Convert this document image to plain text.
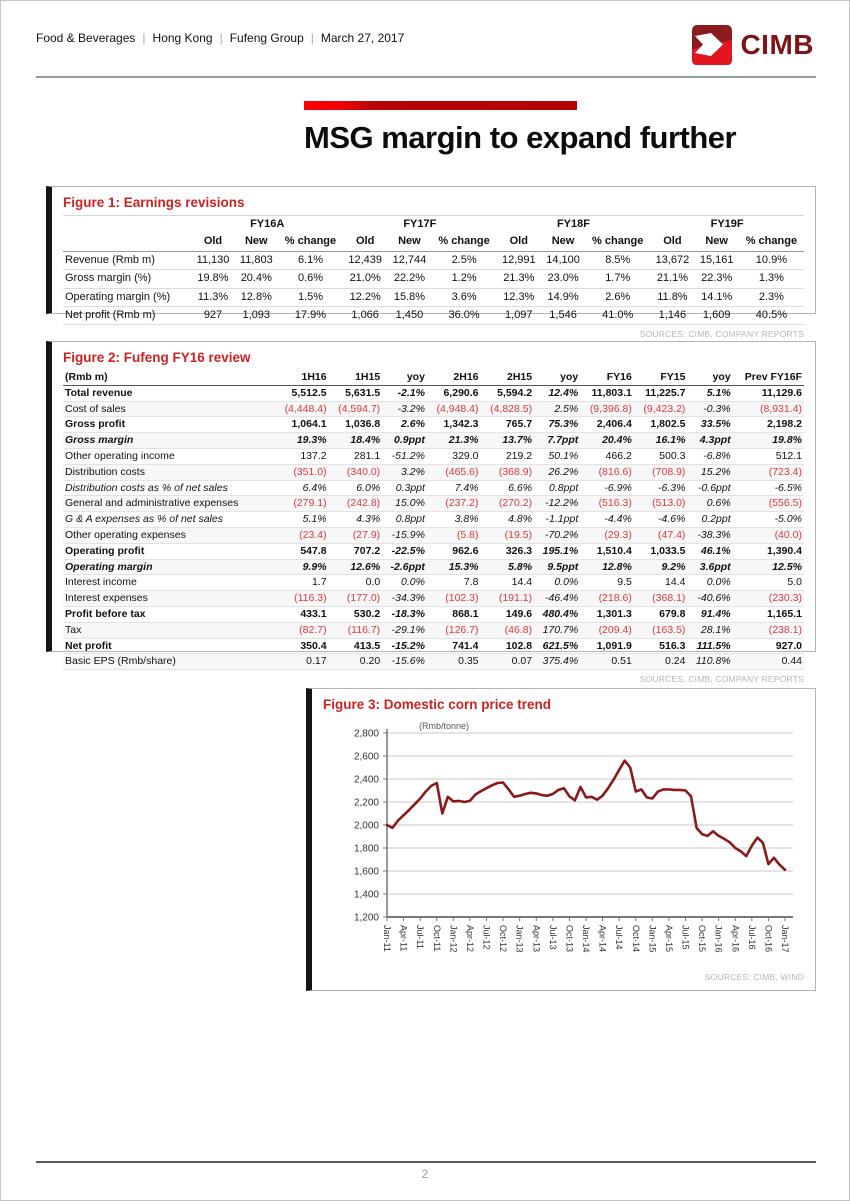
Food & Beverages | Hong Kong | Fufeng Group | March 27, 2017	CIMB
MSG margin to expand further
Figure 1: Earnings revisions
	FY16A			FY17F			FY18F			FY19F		
	Old	New	% change	Old	New	% change	Old	New	% change	Old	New	% change
Revenue (Rmb m)	11,130	11,803	6.1%	12,439	12,744	2.5%	12,991	14,100	8.5%	13,672	15,161	10.9%
Gross margin (%)	19.8%	20.4%	0.6%	21.0%	22.2%	1.2%	21.3%	23.0%	1.7%	21.1%	22.3%	1.3%
Operating margin (%)	11.3%	12.8%	1.5%	12.2%	15.8%	3.6%	12.3%	14.9%	2.6%	11.8%	14.1%	2.3%
Net profit (Rmb m)	927	1,093	17.9%	1,066	1,450	36.0%	1,097	1,546	41.0%	1,146	1,609	40.5%
SOURCES: CIMB, COMPANY REPORTS
Figure 2: Fufeng FY16 review
(Rmb m)	1H16	1H15	yoy	2H16	2H15	yoy	FY16	FY15	yoy	Prev FY16F
Total revenue	5,512.5	5,631.5	-2.1%	6,290.6	5,594.2	12.4%	11,803.1	11,225.7	5.1%	11,129.6
Cost of sales	(4,448.4)	(4,594.7)	-3.2%	(4,948.4)	(4,828.5)	2.5%	(9,396.8)	(9,423.2)	-0.3%	(8,931.4)
Gross profit	1,064.1	1,036.8	2.6%	1,342.3	765.7	75.3%	2,406.4	1,802.5	33.5%	2,198.2
Gross margin	19.3%	18.4%	0.9ppt	21.3%	13.7%	7.7ppt	20.4%	16.1%	4.3ppt	19.8%
Other operating income	137.2	281.1	-51.2%	329.0	219.2	50.1%	466.2	500.3	-6.8%	512.1
Distribution costs	(351.0)	(340.0)	3.2%	(465.6)	(368.9)	26.2%	(816.6)	(708.9)	15.2%	(723.4)
Distribution costs as % of net sales	6.4%	6.0%	0.3ppt	7.4%	6.6%	0.8ppt	-6.9%	-6.3%	-0.6ppt	-6.5%
General and administrative expenses	(279.1)	(242.8)	15.0%	(237.2)	(270.2)	-12.2%	(516.3)	(513.0)	0.6%	(556.5)
G & A expenses as % of net sales	5.1%	4.3%	0.8ppt	3.8%	4.8%	-1.1ppt	-4.4%	-4.6%	0.2ppt	-5.0%
Other operating expenses	(23.4)	(27.9)	-15.9%	(5.8)	(19.5)	-70.2%	(29.3)	(47.4)	-38.3%	(40.0)
Operating profit	547.8	707.2	-22.5%	962.6	326.3	195.1%	1,510.4	1,033.5	46.1%	1,390.4
Operating margin	9.9%	12.6%	-2.6ppt	15.3%	5.8%	9.5ppt	12.8%	9.2%	3.6ppt	12.5%
Interest income	1.7	0.0	0.0%	7.8	14.4	0.0%	9.5	14.4	0.0%	5.0
Interest expenses	(116.3)	(177.0)	-34.3%	(102.3)	(191.1)	-46.4%	(218.6)	(368.1)	-40.6%	(230.3)
Profit before tax	433.1	530.2	-18.3%	868.1	149.6	480.4%	1,301.3	679.8	91.4%	1,165.1
Tax	(82.7)	(116.7)	-29.1%	(126.7)	(46.8)	170.7%	(209.4)	(163.5)	28.1%	(238.1)
Net profit	350.4	413.5	-15.2%	741.4	102.8	621.5%	1,091.9	516.3	111.5%	927.0
Basic EPS (Rmb/share)	0.17	0.20	-15.6%	0.35	0.07	375.4%	0.51	0.24	110.8%	0.44
SOURCES: CIMB, COMPANY REPORTS
Figure 3: Domestic corn price trend
1,200
1,400
1,600
1,800
2,000
2,200
2,400
2,600
2,800
(Rmb/tonne)
Jan-11 Apr-11 Jul-11 Oct-11 Jan-12 Apr-12 Jul-12 Oct-12 Jan-13 Apr-13 Jul-13 Oct-13 Jan-14 Apr-14 Jul-14 Oct-14 Jan-15 Apr-15 Jul-15 Oct-15 Jan-16 Apr-16 Jul-16 Oct-16 Jan-17
SOURCES: CIMB, WIND
2
